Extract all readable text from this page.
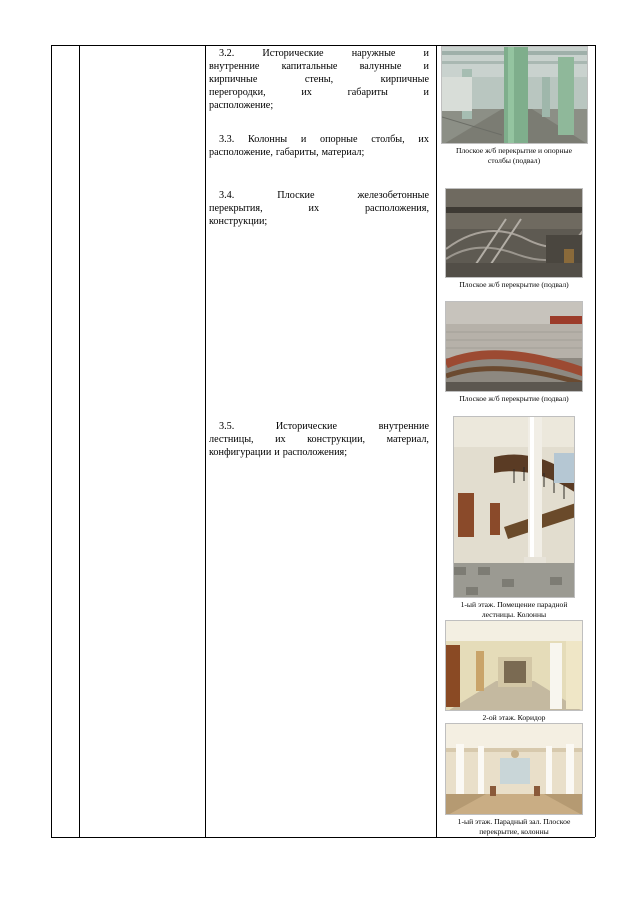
3.2.	Исторические	наружные	и
внутренние капитальные валунные и
кирпичные	стены,	кирпичные
перегородки,	их	габариты	и
расположение;
3.3. Колонны и опорные столбы, их
расположение, габариты, материал;
3.4.	Плоские	железобетонные
перекрытия,	их	расположения,
конструкции;
3.5.	Исторические	внутренние
лестницы, их конструкции, материал,
конфигурации и расположения;
Плоское ж/б перекрытие и опорные
столбы (подвал)
Плоское ж/б перекрытие (подвал)
Плоское ж/б перекрытие (подвал)
1-ый этаж. Помещение парадной
лестницы. Колонны
2-ой этаж. Коридор
1-ый этаж. Парадный зал. Плоское
перекрытие, колонны
